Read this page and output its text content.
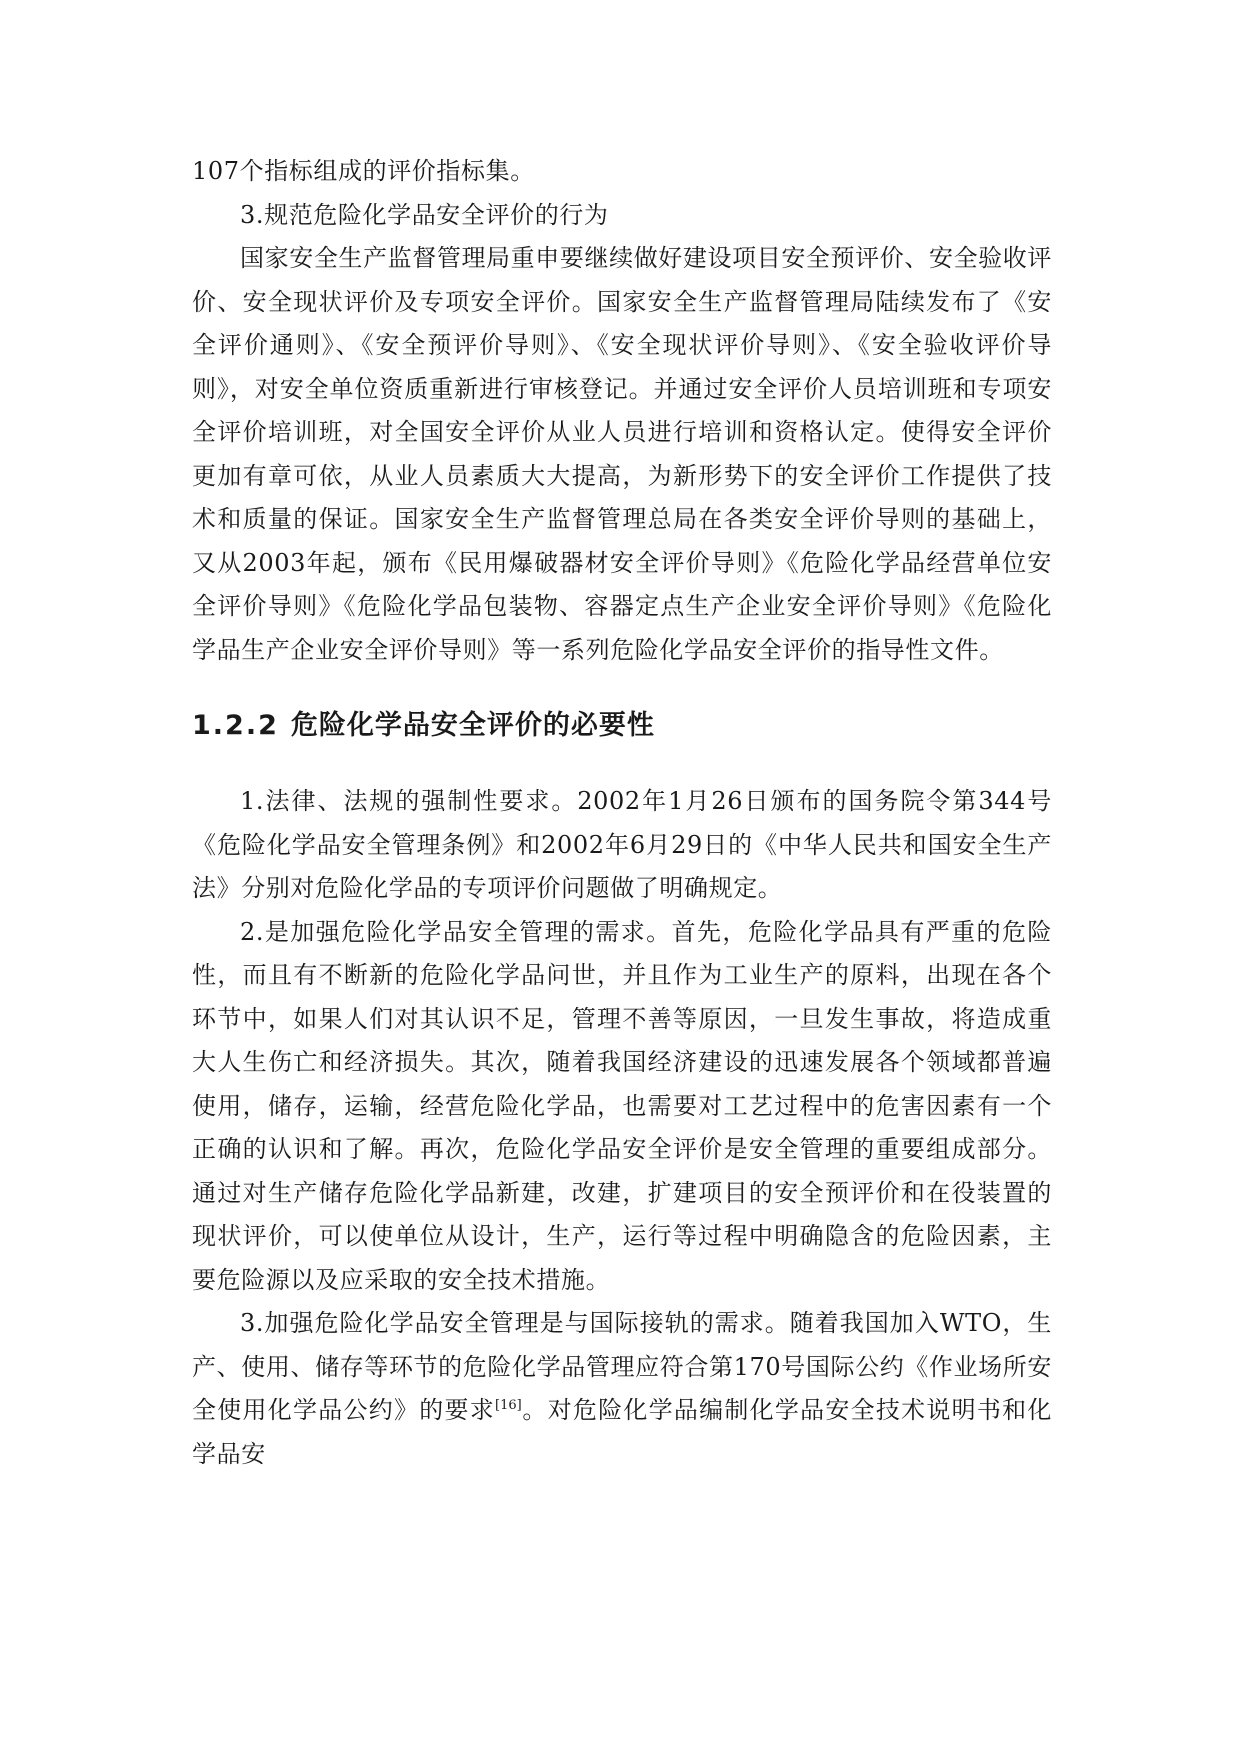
107个指标组成的评价指标集。

3.规范危险化学品安全评价的行为

国家安全生产监督管理局重申要继续做好建设项目安全预评价、安全验收评价、安全现状评价及专项安全评价。国家安全生产监督管理局陆续发布了《安全评价通则》、《安全预评价导则》、《安全现状评价导则》、《安全验收评价导则》，对安全单位资质重新进行审核登记。并通过安全评价人员培训班和专项安全评价培训班，对全国安全评价从业人员进行培训和资格认定。使得安全评价更加有章可依，从业人员素质大大提高，为新形势下的安全评价工作提供了技术和质量的保证。国家安全生产监督管理总局在各类安全评价导则的基础上，又从2003年起，颁布《民用爆破器材安全评价导则》《危险化学品经营单位安全评价导则》《危险化学品包装物、容器定点生产企业安全评价导则》《危险化学品生产企业安全评价导则》等一系列危险化学品安全评价的指导性文件。

1.2.2 危险化学品安全评价的必要性

1.法律、法规的强制性要求。2002年1月26日颁布的国务院令第344号《危险化学品安全管理条例》和2002年6月29日的《中华人民共和国安全生产法》分别对危险化学品的专项评价问题做了明确规定。

2.是加强危险化学品安全管理的需求。首先，危险化学品具有严重的危险性，而且有不断新的危险化学品问世，并且作为工业生产的原料，出现在各个环节中，如果人们对其认识不足，管理不善等原因，一旦发生事故，将造成重大人生伤亡和经济损失。其次，随着我国经济建设的迅速发展各个领域都普遍使用，储存，运输，经营危险化学品，也需要对工艺过程中的危害因素有一个正确的认识和了解。再次，危险化学品安全评价是安全管理的重要组成部分。通过对生产储存危险化学品新建，改建，扩建项目的安全预评价和在役装置的现状评价，可以使单位从设计，生产，运行等过程中明确隐含的危险因素，主要危险源以及应采取的安全技术措施。

3.加强危险化学品安全管理是与国际接轨的需求。随着我国加入WTO，生产、使用、储存等环节的危险化学品管理应符合第170号国际公约《作业场所安全使用化学品公约》的要求[16]。对危险化学品编制化学品安全技术说明书和化学品安
